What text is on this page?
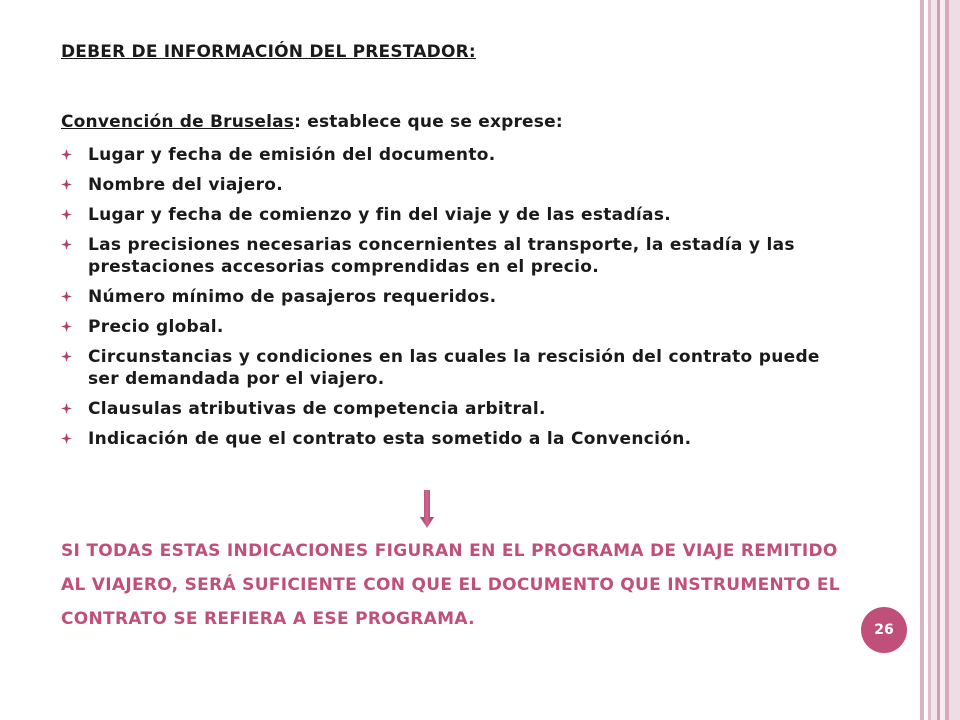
DEBER DE INFORMACIÓN DEL PRESTADOR:
Convención de Bruselas: establece que se exprese:
Lugar y fecha de emisión del documento.
Nombre del viajero.
Lugar y fecha de comienzo y fin del viaje y de las estadías.
Las precisiones necesarias concernientes al transporte, la estadía y las prestaciones accesorias comprendidas en el precio.
Número mínimo de pasajeros requeridos.
Precio global.
Circunstancias y condiciones en las cuales la rescisión del contrato puede ser demandada por el viajero.
Clausulas atributivas de competencia arbitral.
Indicación de que el contrato esta sometido a la Convención.
SI TODAS ESTAS INDICACIONES FIGURAN EN EL PROGRAMA DE VIAJE REMITIDO AL VIAJERO, SERÁ SUFICIENTE CON QUE EL DOCUMENTO QUE INSTRUMENTO EL CONTRATO SE REFIERA A ESE PROGRAMA.
26
